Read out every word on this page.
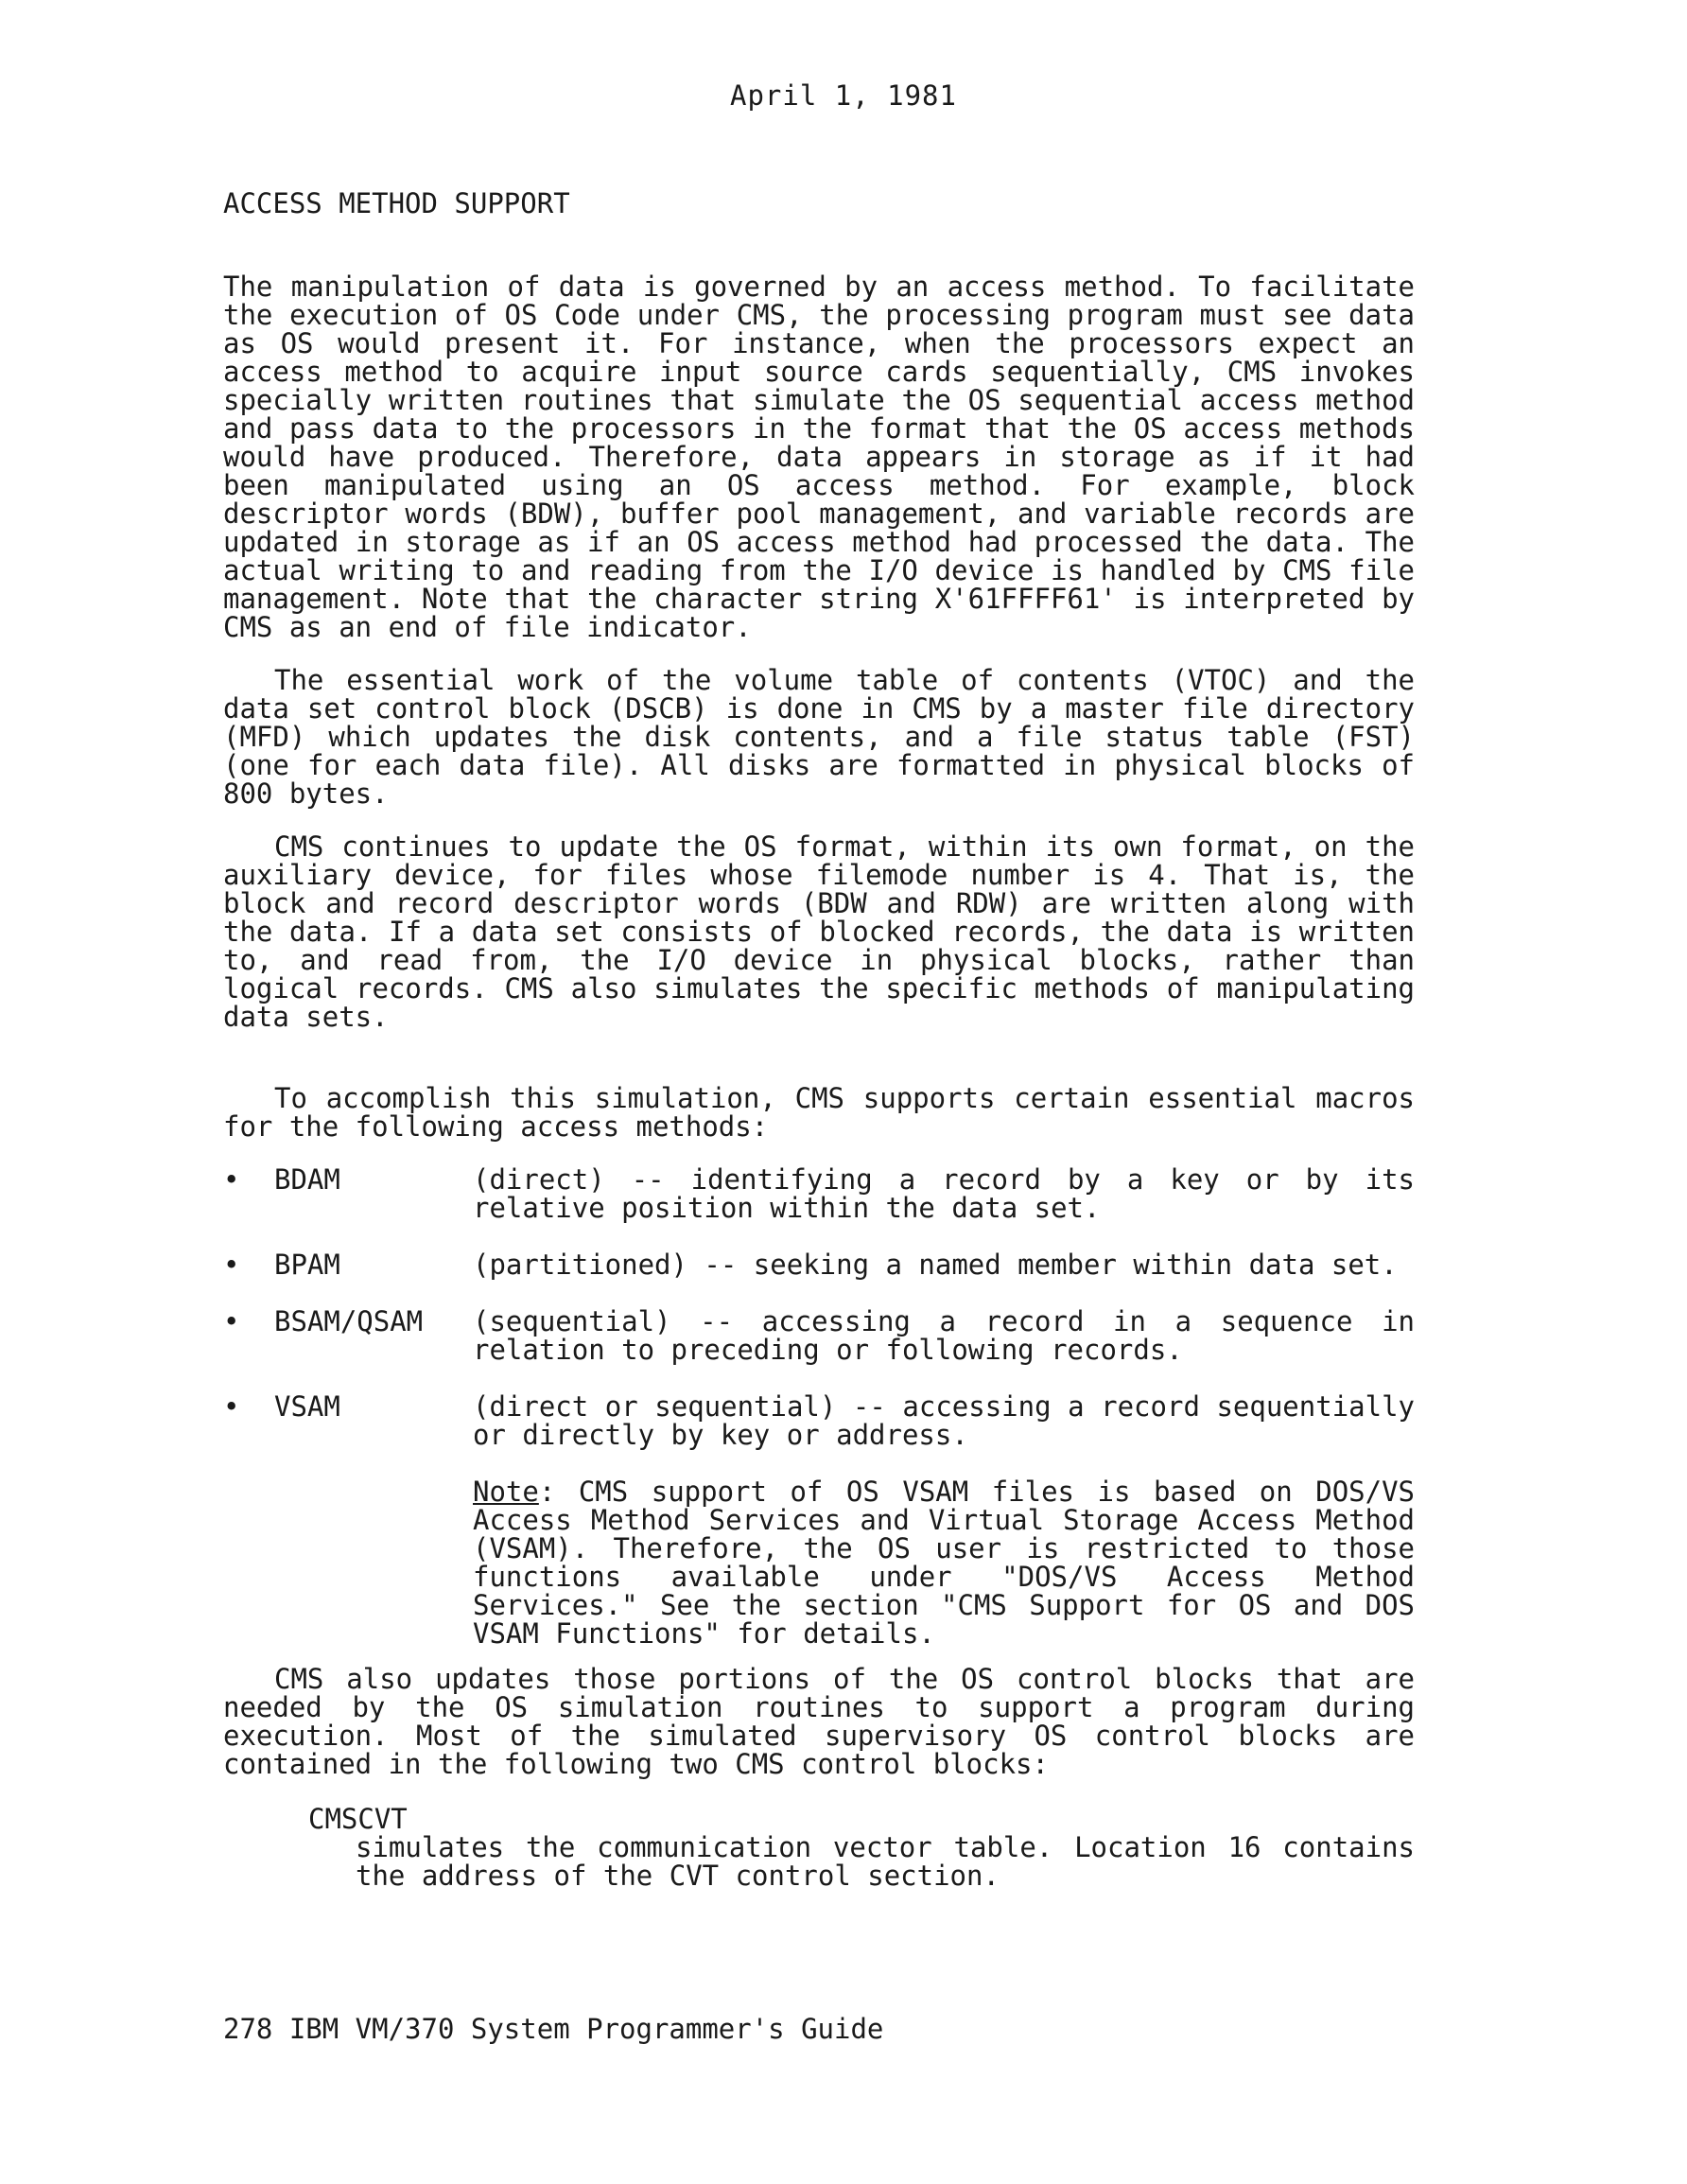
April 1, 1981
ACCESS METHOD SUPPORT

The manipulation of data is governed by an access method. To facilitate the execution of OS Code under CMS, the processing program must see data as OS would present it. For instance, when the processors expect an access method to acquire input source cards sequentially, CMS invokes specially written routines that simulate the OS sequential access method and pass data to the processors in the format that the OS access methods would have produced. Therefore, data appears in storage as if it had been manipulated using an OS access method. For example, block descriptor words (BDW), buffer pool management, and variable records are updated in storage as if an OS access method had processed the data. The actual writing to and reading from the I/O device is handled by CMS file management. Note that the character string X'61FFFF61' is interpreted by CMS as an end of file indicator.

The essential work of the volume table of contents (VTOC) and the data set control block (DSCB) is done in CMS by a master file directory (MFD) which updates the disk contents, and a file status table (FST) (one for each data file). All disks are formatted in physical blocks of 800 bytes.

CMS continues to update the OS format, within its own format, on the auxiliary device, for files whose filemode number is 4. That is, the block and record descriptor words (BDW and RDW) are written along with the data. If a data set consists of blocked records, the data is written to, and read from, the I/O device in physical blocks, rather than logical records. CMS also simulates the specific methods of manipulating data sets.

To accomplish this simulation, CMS supports certain essential macros for the following access methods:

• BDAM	(direct) -- identifying a record by a key or by its relative position within the data set.
• BPAM	(partitioned) -- seeking a named member within data set.
• BSAM/QSAM	(sequential) -- accessing a record in a sequence in relation to preceding or following records.
• VSAM	(direct or sequential) -- accessing a record sequentially or directly by key or address.
Note: CMS support of OS VSAM files is based on DOS/VS Access Method Services and Virtual Storage Access Method (VSAM). Therefore, the OS user is restricted to those functions available under "DOS/VS Access Method Services." See the section "CMS Support for OS and DOS VSAM Functions" for details.

CMS also updates those portions of the OS control blocks that are needed by the OS simulation routines to support a program during execution. Most of the simulated supervisory OS control blocks are contained in the following two CMS control blocks:

CMSCVT
simulates the communication vector table. Location 16 contains the address of the CVT control section.
278 IBM VM/370 System Programmer's Guide
